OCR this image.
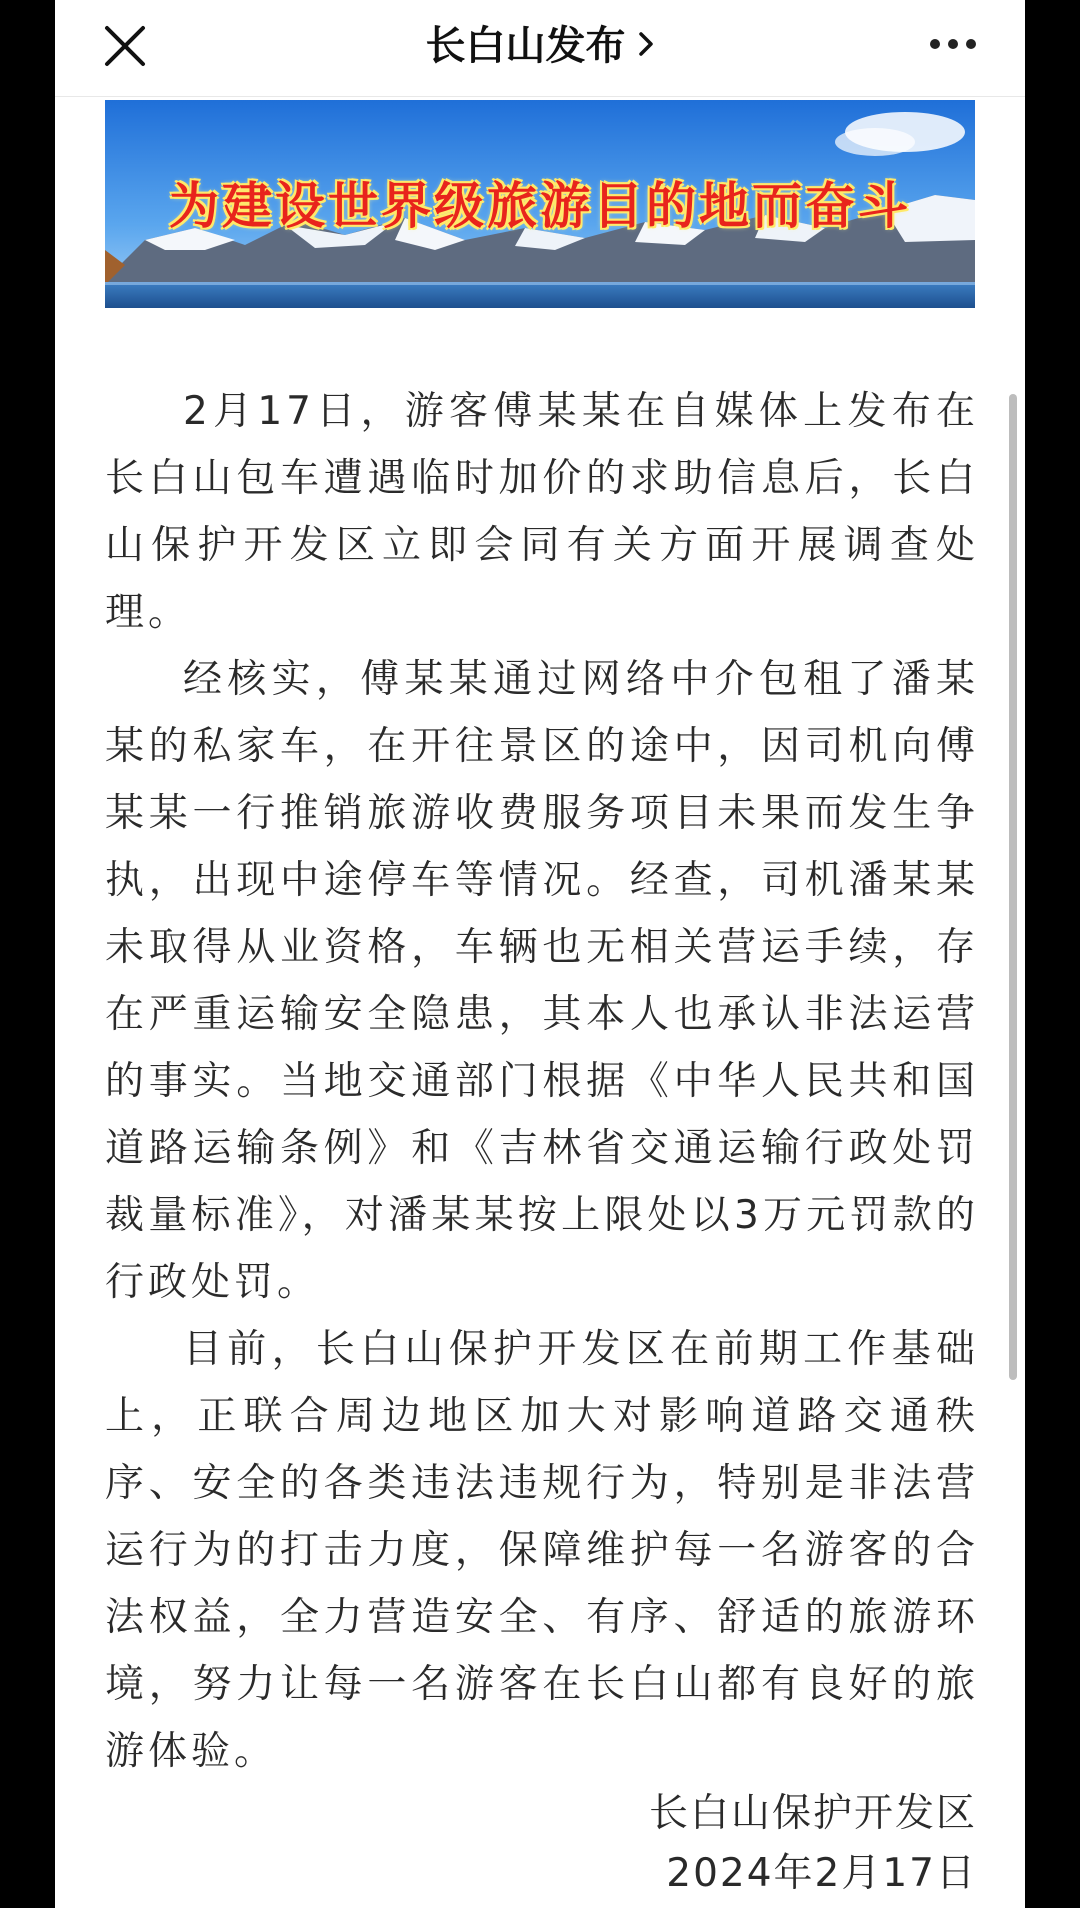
长白山发布
为建设世界级旅游目的地而奋斗

2月17日，游客傅某某在自媒体上发布在长白山包车遭遇临时加价的求助信息后，长白山保护开发区立即会同有关方面开展调查处理。

经核实，傅某某通过网络中介包租了潘某某的私家车，在开往景区的途中，因司机向傅某某一行推销旅游收费服务项目未果而发生争执，出现中途停车等情况。经查，司机潘某某未取得从业资格，车辆也无相关营运手续，存在严重运输安全隐患，其本人也承认非法运营的事实。当地交通部门根据《中华人民共和国道路运输条例》和《吉林省交通运输行政处罚裁量标准》，对潘某某按上限处以3万元罚款的行政处罚。

目前，长白山保护开发区在前期工作基础上，正联合周边地区加大对影响道路交通秩序、安全的各类违法违规行为，特别是非法营运行为的打击力度，保障维护每一名游客的合法权益，全力营造安全、有序、舒适的旅游环境，努力让每一名游客在长白山都有良好的旅游体验。

长白山保护开发区
2024年2月17日
